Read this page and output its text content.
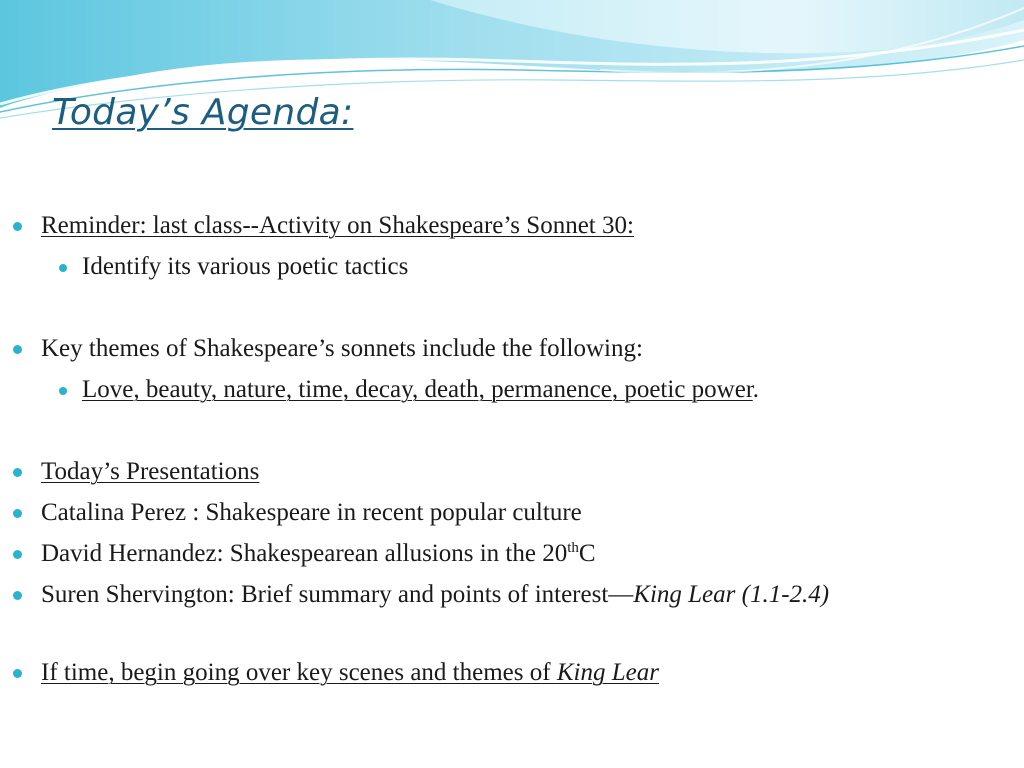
Today’s Agenda:
Reminder: last class--Activity on Shakespeare’s Sonnet 30:
Identify its various poetic tactics
Key themes of Shakespeare’s sonnets include the following:
Love, beauty, nature, time, decay, death, permanence, poetic power.
Today’s Presentations
Catalina Perez : Shakespeare in recent popular culture
David Hernandez: Shakespearean allusions in the 20thC
Suren Shervington: Brief summary and points of interest—King Lear (1.1-2.4)
If time, begin going over key scenes and themes of King Lear
